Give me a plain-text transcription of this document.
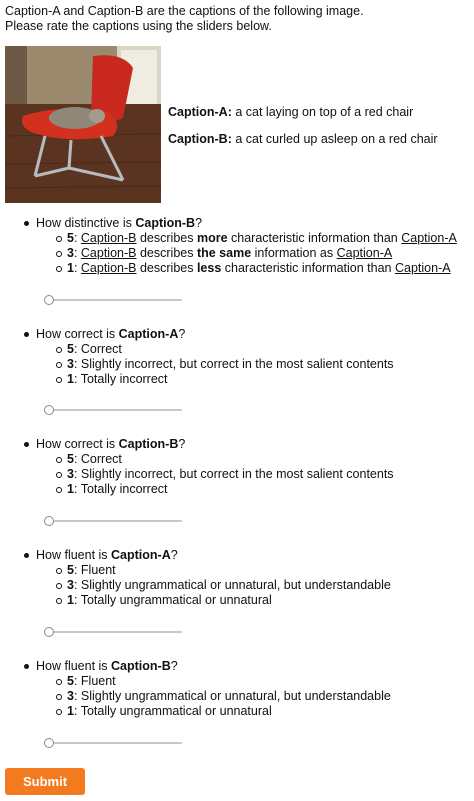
Caption-A and Caption-B are the captions of the following image.
Please rate the captions using the sliders below.
Caption-A: a cat laying on top of a red chair
Caption-B: a cat curled up asleep on a red chair
How distinctive is Caption-B?
5: Caption-B describes more characteristic information than Caption-A
3: Caption-B describes the same information as Caption-A
1: Caption-B describes less characteristic information than Caption-A
How correct is Caption-A?
5: Correct
3: Slightly incorrect, but correct in the most salient contents
1: Totally incorrect
How correct is Caption-B?
5: Correct
3: Slightly incorrect, but correct in the most salient contents
1: Totally incorrect
How fluent is Caption-A?
5: Fluent
3: Slightly ungrammatical or unnatural, but understandable
1: Totally ungrammatical or unnatural
How fluent is Caption-B?
5: Fluent
3: Slightly ungrammatical or unnatural, but understandable
1: Totally ungrammatical or unnatural
Submit
